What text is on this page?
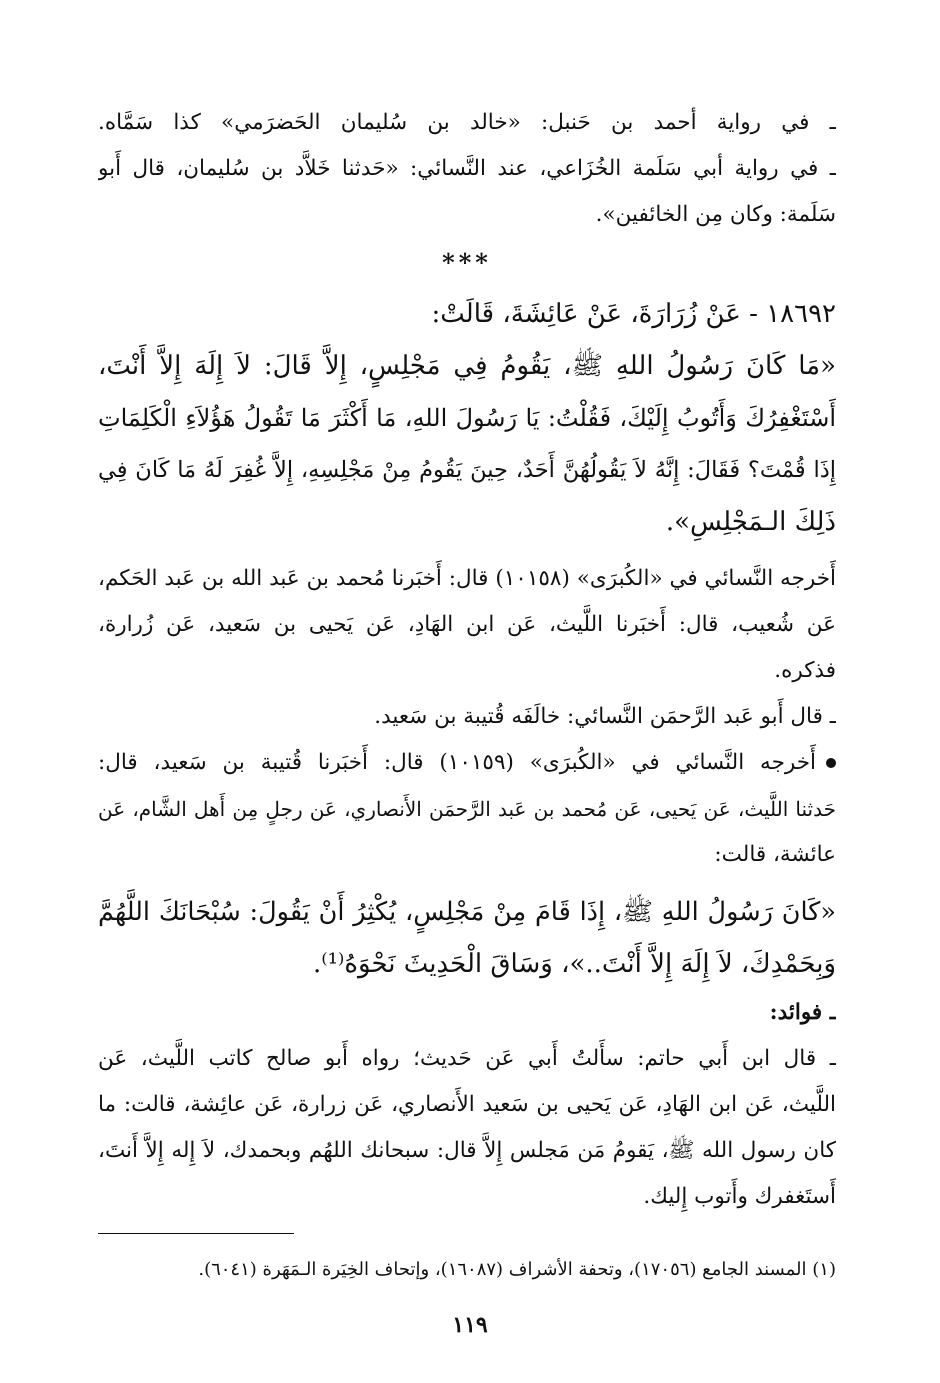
ـ في رواية أحمد بن حَنبل: «خالد بن سُليمان الحَضرَمي» كذا سَمَّاه.
ـ في رواية أبي سَلَمة الخُزَاعي، عند النَّسائي: «حَدثنا خَلاَّد بن سُليمان، قال أَبو
سَلَمة: وكان مِن الخائفين».
***
١٨٦٩٢ - عَنْ زُرَارَةَ، عَنْ عَائِشَةَ، قَالَتْ:
«مَا كَانَ رَسُولُ اللهِ ﷺ، يَقُومُ فِي مَجْلِسٍ، إِلاَّ قَالَ: لاَ إِلَهَ إِلاَّ أَنْتَ،
أَسْتَغْفِرُكَ وَأَتُوبُ إِلَيْكَ، فَقُلْتُ: يَا رَسُولَ اللهِ، مَا أَكْثَرَ مَا تَقُولُ هَؤُلاَءِ الْكَلِمَاتِ
إِذَا قُمْتَ؟ فَقَالَ: إِنَّهُ لاَ يَقُولُهُنَّ أَحَدٌ، حِينَ يَقُومُ مِنْ مَجْلِسِهِ، إِلاَّ غُفِرَ لَهُ مَا كَانَ فِي
ذَلِكَ الـمَجْلِسِ».
أَخرجه النَّسائي في «الكُبرَى» (١٠١٥٨) قال: أَخبَرنا مُحمد بن عَبد الله بن عَبد الحَكم،
عَن شُعيب، قال: أَخبَرنا اللَّيث، عَن ابن الهَادِ، عَن يَحيى بن سَعيد، عَن زُرارة،
فذكره.
ـ قال أَبو عَبد الرَّحمَن النَّسائي: خالَفَه قُتيبة بن سَعيد.
أَخرجه النَّسائي في «الكُبرَى» (١٠١٥٩) قال: أَخبَرنا قُتيبة بن سَعيد، قال:
حَدثنا اللَّيث، عَن يَحيى، عَن مُحمد بن عَبد الرَّحمَن الأَنصاري، عَن رجلٍ مِن أَهل الشَّام، عَن
عائشة، قالت:
«كَانَ رَسُولُ اللهِ ﷺ، إِذَا قَامَ مِنْ مَجْلِسٍ، يُكْثِرُ أَنْ يَقُولَ: سُبْحَانَكَ اللَّهُمَّ
وَبِحَمْدِكَ، لاَ إِلَهَ إِلاَّ أَنْتَ..»، وَسَاقَ الْحَدِيثَ نَحْوَهُ⁽¹⁾.
ـ فوائد:
ـ قال ابن أَبي حاتم: سأَلتُ أَبي عَن حَديث؛ رواه أَبو صالح كاتب اللَّيث، عَن
اللَّيث، عَن ابن الهَادِ، عَن يَحيى بن سَعيد الأَنصاري، عَن زرارة، عَن عائِشة، قالت: ما
كان رسول الله ﷺ، يَقومُ مَن مَجلس إِلاَّ قال: سبحانك اللهُم وبحمدك، لاَ إِله إِلاَّ أَنتَ،
أَستَغفرك وأَتوب إِليك.
(١) المسند الجامع (١٧٠٥٦)، وتحفة الأشراف (١٦٠٨٧)، وإتحاف الخِيَرة الـمَهَرة (٦٠٤١).
١١٩
